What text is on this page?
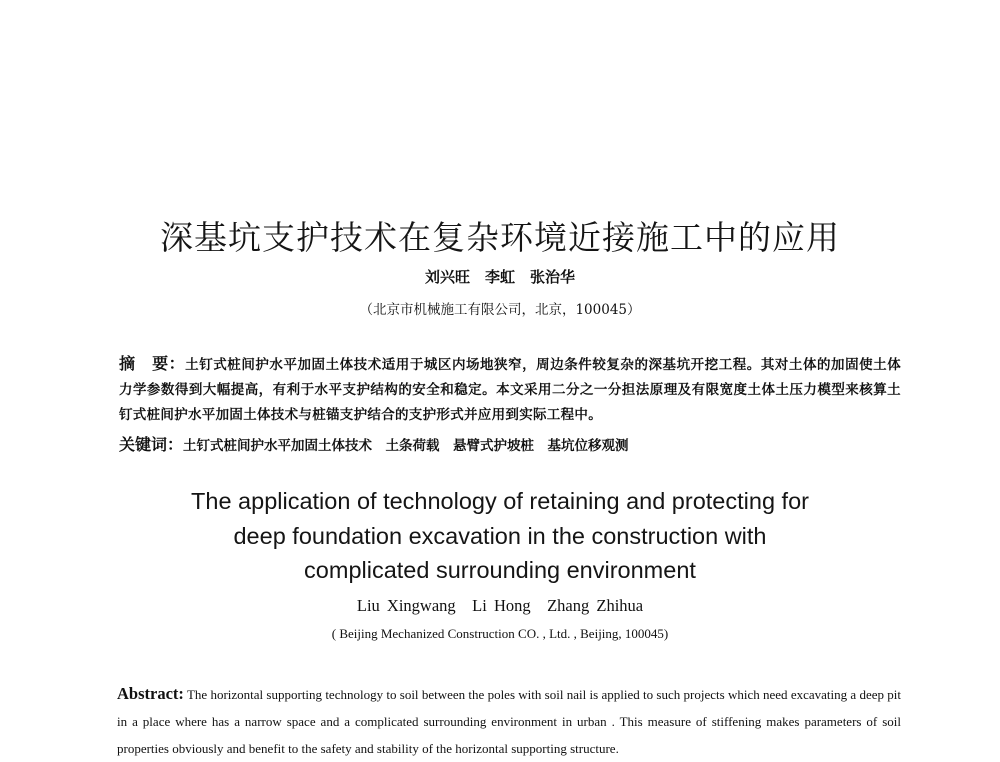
深基坑支护技术在复杂环境近接施工中的应用
刘兴旺　李虹　张治华
（北京市机械施工有限公司，北京，100045）

摘　要：土钉式桩间护水平加固土体技术适用于城区内场地狭窄，周边条件较复杂的深基坑开挖工程。其对土体的加固使土体力学参数得到大幅提高，有利于水平支护结构的安全和稳定。本文采用二分之一分担法原理及有限宽度土体土压力模型来核算土钉式桩间护水平加固土体技术与桩锚支护结合的支护形式并应用到实际工程中。

关键词：土钉式桩间护水平加固土体技术　土条荷载　悬臂式护坡桩　基坑位移观测

The application of technology of retaining and protecting for
deep foundation excavation in the construction with
complicated surrounding environment
Liu Xingwang　Li Hong　Zhang Zhihua
( Beijing Mechanized Construction CO. , Ltd. , Beijing, 100045)

Abstract: The horizontal supporting technology to soil between the poles with soil nail is applied to such projects which need excavating a deep pit in a place where has a narrow space and a complicated surrounding environment in urban . This measure of stiffening makes parameters of soil properties obviously and benefit to the safety and stability of the horizontal supporting structure.
